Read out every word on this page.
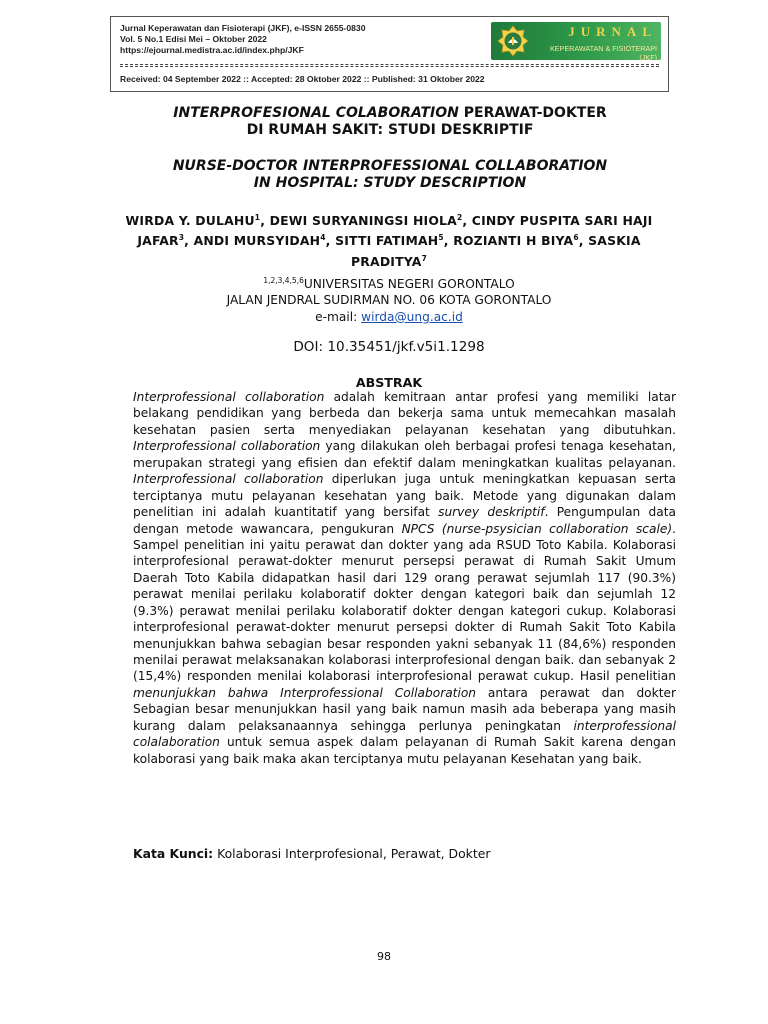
Jurnal Keperawatan dan Fisioterapi (JKF), e-ISSN 2655-0830
Vol. 5 No.1 Edisi Mei – Oktober 2022
https://ejournal.medistra.ac.id/index.php/JKF
JURNAL
KEPERAWATAN & FISIOTERAPI (JKF)
Received: 04 September 2022 :: Accepted: 28 Oktober 2022 :: Published: 31 Oktober 2022
INTERPROFESIONAL COLABORATION PERAWAT-DOKTER
DI RUMAH SAKIT: STUDI DESKRIPTIF
NURSE-DOCTOR INTERPROFESSIONAL COLLABORATION
IN HOSPITAL: STUDY DESCRIPTION
WIRDA Y. DULAHU$^1$, DEWI SURYANINGSI HIOLA$^2$, CINDY PUSPITA SARI HAJI JAFAR$^3$, ANDI MURSYIDAH$^4$, SITTI FATIMAH$^5$, ROZIANTI H BIYA$^6$, SASKIA PRADITYA$^7$
$^{1,2,3,4,5,6}$UNIVERSITAS NEGERI GORONTALO
JALAN JENDRAL SUDIRMAN NO. 06 KOTA GORONTALO
e-mail: wirda@ung.ac.id
DOI: 10.35451/jkf.v5i1.1298
ABSTRAK
Interprofessional collaboration adalah kemitraan antar profesi yang memiliki latar belakang pendidikan yang berbeda dan bekerja sama untuk memecahkan masalah kesehatan pasien serta menyediakan pelayanan kesehatan yang dibutuhkan. Interprofessional collaboration yang dilakukan oleh berbagai profesi tenaga kesehatan, merupakan strategi yang efisien dan efektif dalam meningkatkan kualitas pelayanan. Interprofessional collaboration diperlukan juga untuk meningkatkan kepuasan serta terciptanya mutu pelayanan kesehatan yang baik. Metode yang digunakan dalam penelitian ini adalah kuantitatif yang bersifat survey deskriptif. Pengumpulan data dengan metode wawancara, pengukuran NPCS (nurse-psysician collaboration scale). Sampel penelitian ini yaitu perawat dan dokter yang ada RSUD Toto Kabila. Kolaborasi interprofesional perawat-dokter menurut persepsi perawat di Rumah Sakit Umum Daerah Toto Kabila didapatkan hasil dari 129 orang perawat sejumlah 117 (90.3%) perawat menilai perilaku kolaboratif dokter dengan kategori baik dan sejumlah 12 (9.3%) perawat menilai perilaku kolaboratif dokter dengan kategori cukup. Kolaborasi interprofesional perawat-dokter menurut persepsi dokter di Rumah Sakit Toto Kabila menunjukkan bahwa sebagian besar responden yakni sebanyak 11 (84,6%) responden menilai perawat melaksanakan kolaborasi interprofesional dengan baik. dan sebanyak 2 (15,4%) responden menilai kolaborasi interprofesional perawat cukup. Hasil penelitian menunjukkan bahwa Interprofessional Collaboration antara perawat dan dokter Sebagian besar menunjukkan hasil yang baik namun masih ada beberapa yang masih kurang dalam pelaksanaannya sehingga perlunya peningkatan interprofessional colalaboration untuk semua aspek dalam pelayanan di Rumah Sakit karena dengan kolaborasi yang baik maka akan terciptanya mutu pelayanan Kesehatan yang baik.
Kata Kunci: Kolaborasi Interprofesional, Perawat, Dokter
98
